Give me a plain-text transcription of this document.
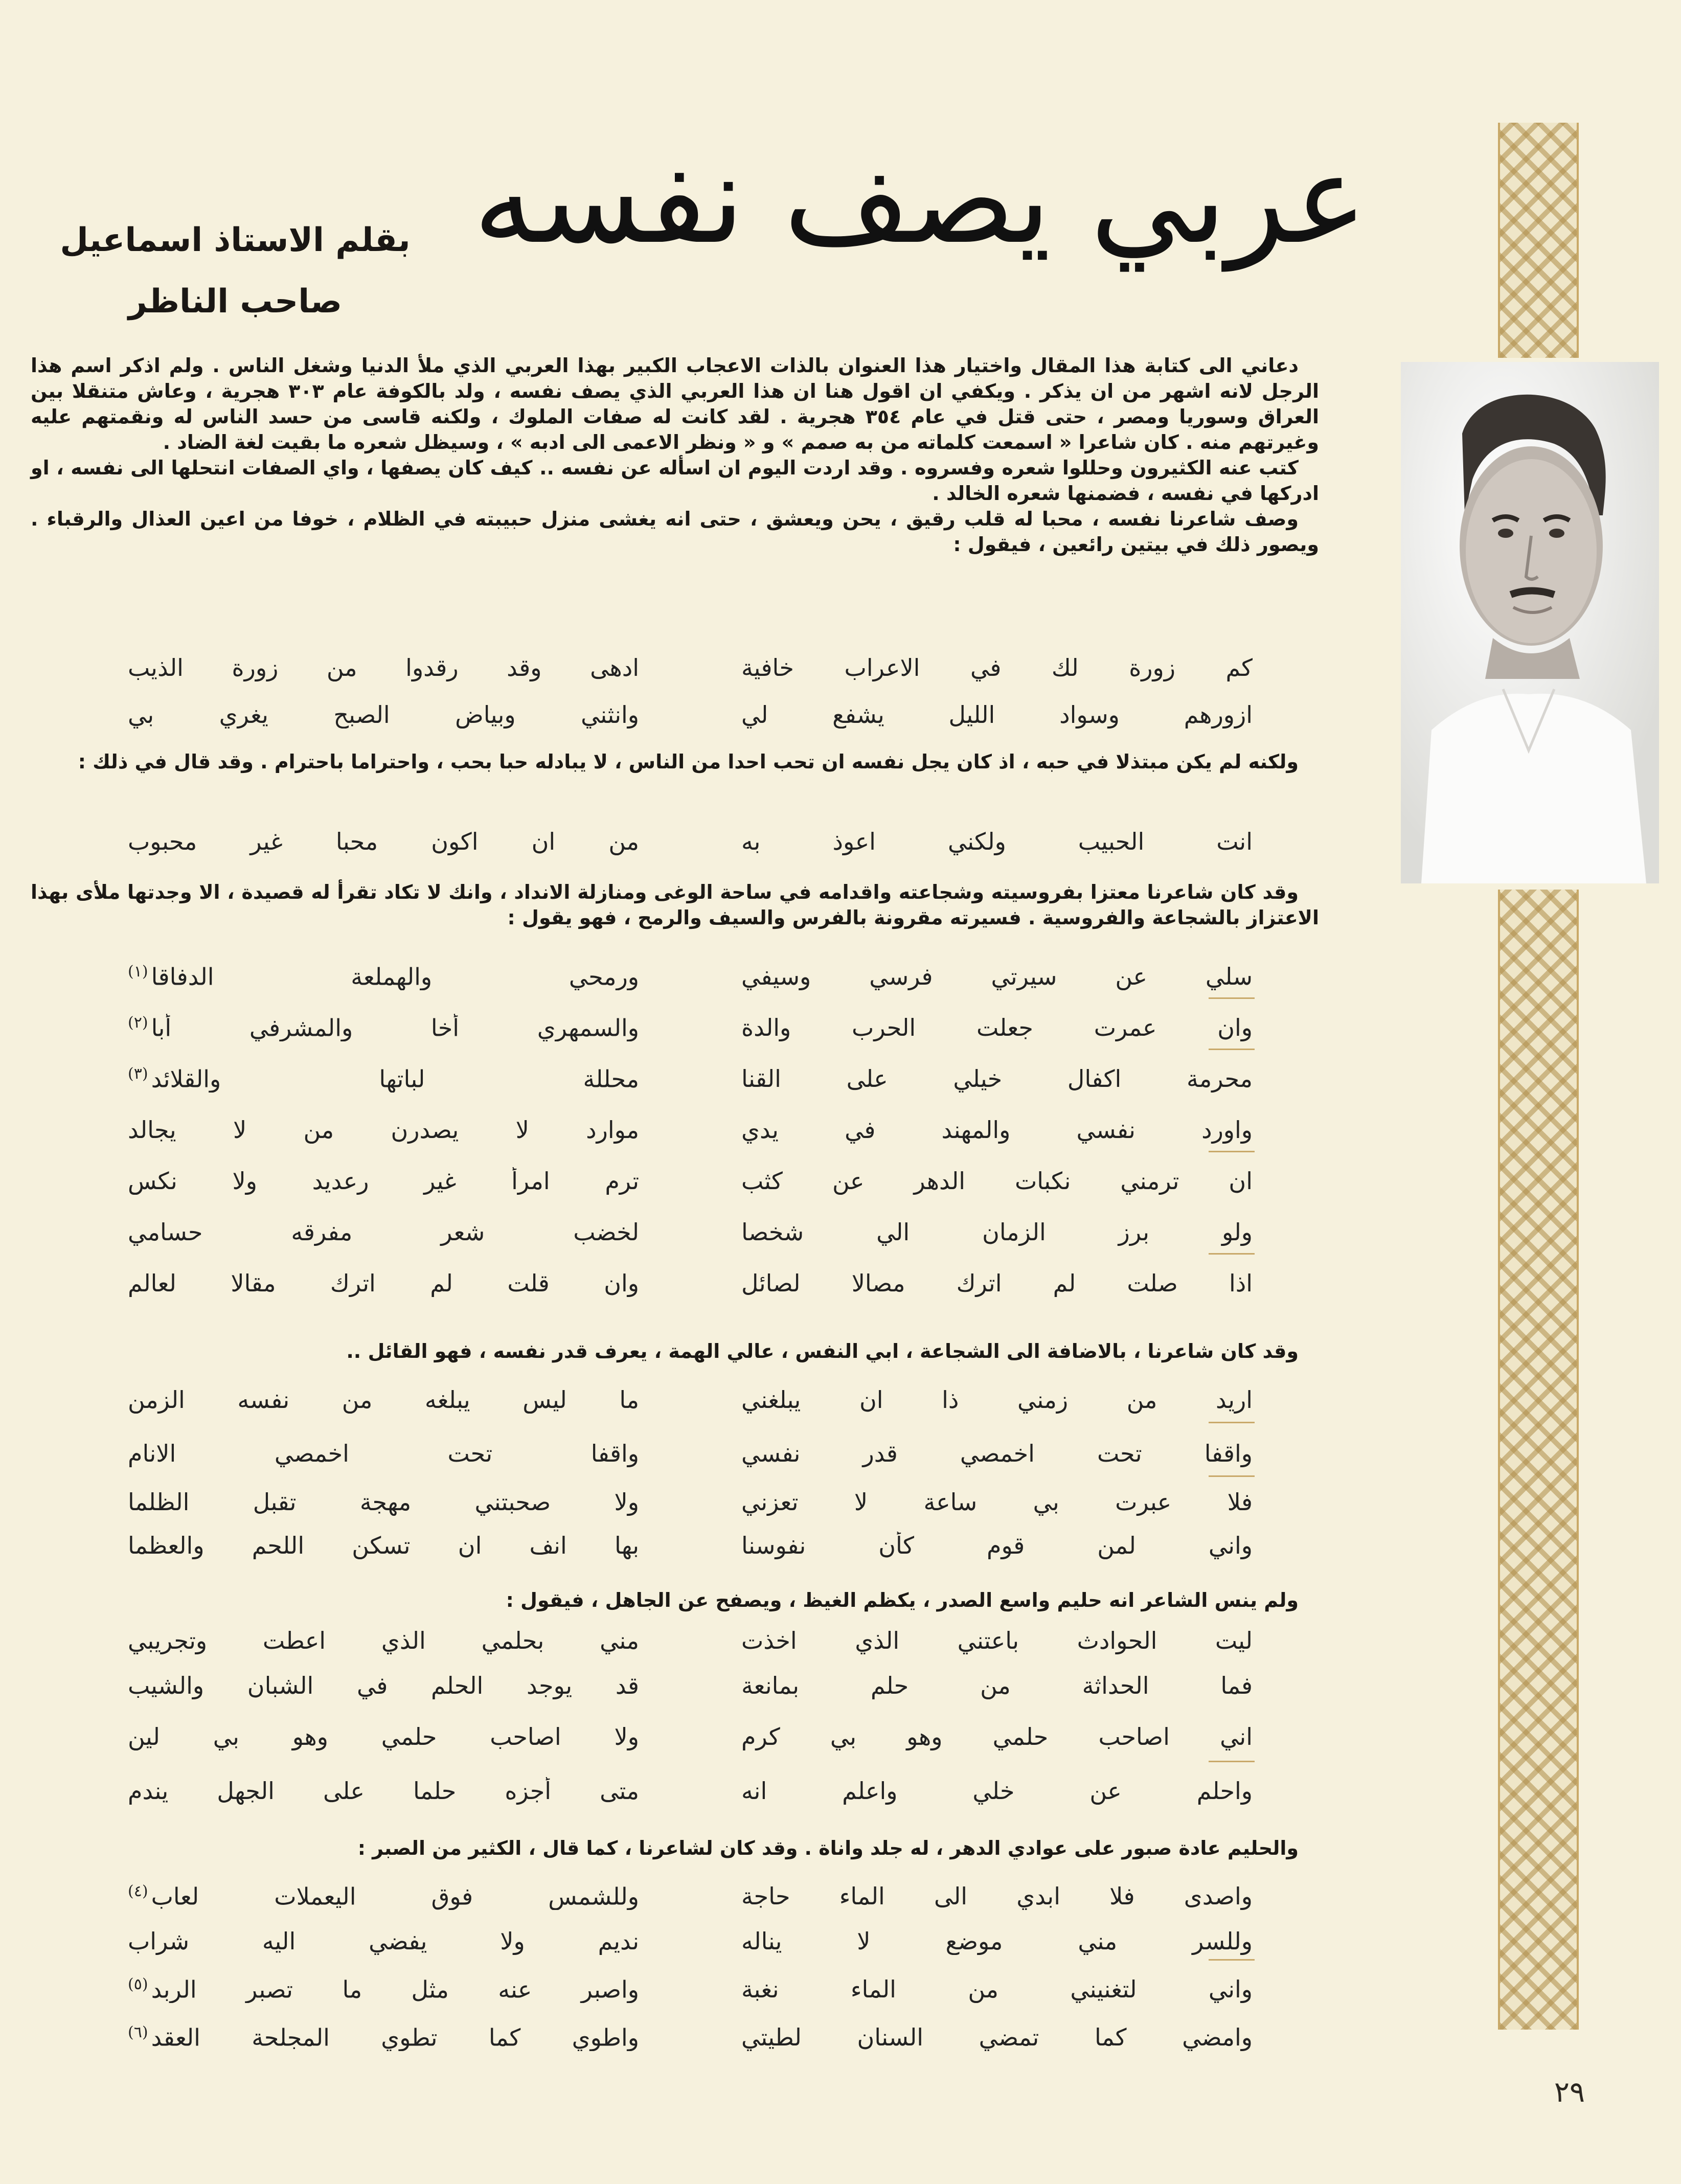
عربي يصف نفسه
بقلم الاستاذ اسماعيل صاحب الناظر

دعاني الى كتابة هذا المقال واختيار هذا العنوان بالذات الاعجاب الكبير بهذا العربي الذي ملأ الدنيا وشغل الناس . ولم اذكر اسم هذا الرجل لانه اشهر من ان يذكر . ويكفي ان اقول هنا ان هذا العربي الذي يصف نفسه ، ولد بالكوفة عام ٣٠٣ هجرية ، وعاش متنقلا بين العراق وسوريا ومصر ، حتى قتل في عام ٣٥٤ هجرية . لقد كانت له صفات الملوك ، ولكنه قاسى من حسد الناس له ونقمتهم عليه وغيرتهم منه . كان شاعرا « اسمعت كلماته من به صمم » و « ونظر الاعمى الى ادبه » ، وسيظل شعره ما بقيت لغة الضاد .

كتب عنه الكثيرون وحللوا شعره وفسروه . وقد اردت اليوم ان اسأله عن نفسه .. كيف كان يصفها ، واي الصفات انتحلها الى نفسه ، او ادركها في نفسه ، فضمنها شعره الخالد .

وصف شاعرنا نفسه ، محبا له قلب رقيق ، يحن ويعشق ، حتى انه يغشى منزل حبيبته في الظلام ، خوفا من اعين العذال والرقباء . ويصور ذلك في بيتين رائعين ، فيقول :

كم زورة لك في الاعراب خافية
ادهى وقد رقدوا من زورة الذيب
ازورهم وسواد الليل يشفع لي
وانثني وبياض الصبح يغري بي

ولكنه لم يكن مبتذلا في حبه ، اذ كان يجل نفسه ان تحب احدا من الناس ، لا يبادله حبا بحب ، واحتراما باحترام . وقد قال في ذلك :

انت الحبيب ولكني اعوذ به
من ان اكون محبا غير محبوب

وقد كان شاعرنا معتزا بفروسيته وشجاعته واقدامه في ساحة الوغى ومنازلة الانداد ، وانك لا تكاد تقرأ له قصيدة ، الا وجدتها ملأى بهذا الاعتزاز بالشجاعة والفروسية . فسيرته مقرونة بالفرس والسيف والرمح ، فهو يقول :

سلي عن سيرتي فرسي وسيفي
ورمحي والهملعة الدفاقا$^{(١)}$
وان عمرت جعلت الحرب والدة
والسمهري أخا والمشرفي أبا$^{(٢)}$
محرمة اكفال خيلي على القنا
محللة لباتها والقلائد$^{(٣)}$
واورد نفسي والمهند في يدي
موارد لا يصدرن من لا يجالد
ان ترمني نكبات الدهر عن كثب
ترم امرأ غير رعديد ولا نكس
ولو برز الزمان الي شخصا
لخضب شعر مفرقه حسامي
اذا صلت لم اترك مصالا لصائل
وان قلت لم اترك مقالا لعالم

وقد كان شاعرنا ، بالاضافة الى الشجاعة ، ابي النفس ، عالي الهمة ، يعرف قدر نفسه ، فهو القائل ..

اريد من زمني ذا ان يبلغني
ما ليس يبلغه من نفسه الزمن
واقفا تحت اخمصي قدر نفسي
واقفا تحت اخمصي الانام
فلا عبرت بي ساعة لا تعزني
ولا صحبتني مهجة تقبل الظلما
واني لمن قوم كأن نفوسنا
بها انف ان تسكن اللحم والعظما

ولم ينس الشاعر انه حليم واسع الصدر ، يكظم الغيظ ، ويصفح عن الجاهل ، فيقول :

ليت الحوادث باعتني الذي اخذت
مني بحلمي الذي اعطت وتجريبي
فما الحداثة من حلم بمانعة
قد يوجد الحلم في الشبان والشيب
اني اصاحب حلمي وهو بي كرم
ولا اصاحب حلمي وهو بي لين
واحلم عن خلي واعلم انه
متى أجزه حلما على الجهل يندم

والحليم عادة صبور على عوادي الدهر ، له جلد واناة . وقد كان لشاعرنا ، كما قال ، الكثير من الصبر :

واصدى فلا ابدي الى الماء حاجة
وللشمس فوق اليعملات لعاب$^{(٤)}$
وللسر مني موضع لا يناله
نديم ولا يفضي اليه شراب
واني لتغنيني من الماء نغبة
واصبر عنه مثل ما تصبر الربد$^{(٥)}$
وامضي كما تمضي السنان لطيتي
واطوي كما تطوي المجلحة العقد$^{(٦)}$
٢٩
